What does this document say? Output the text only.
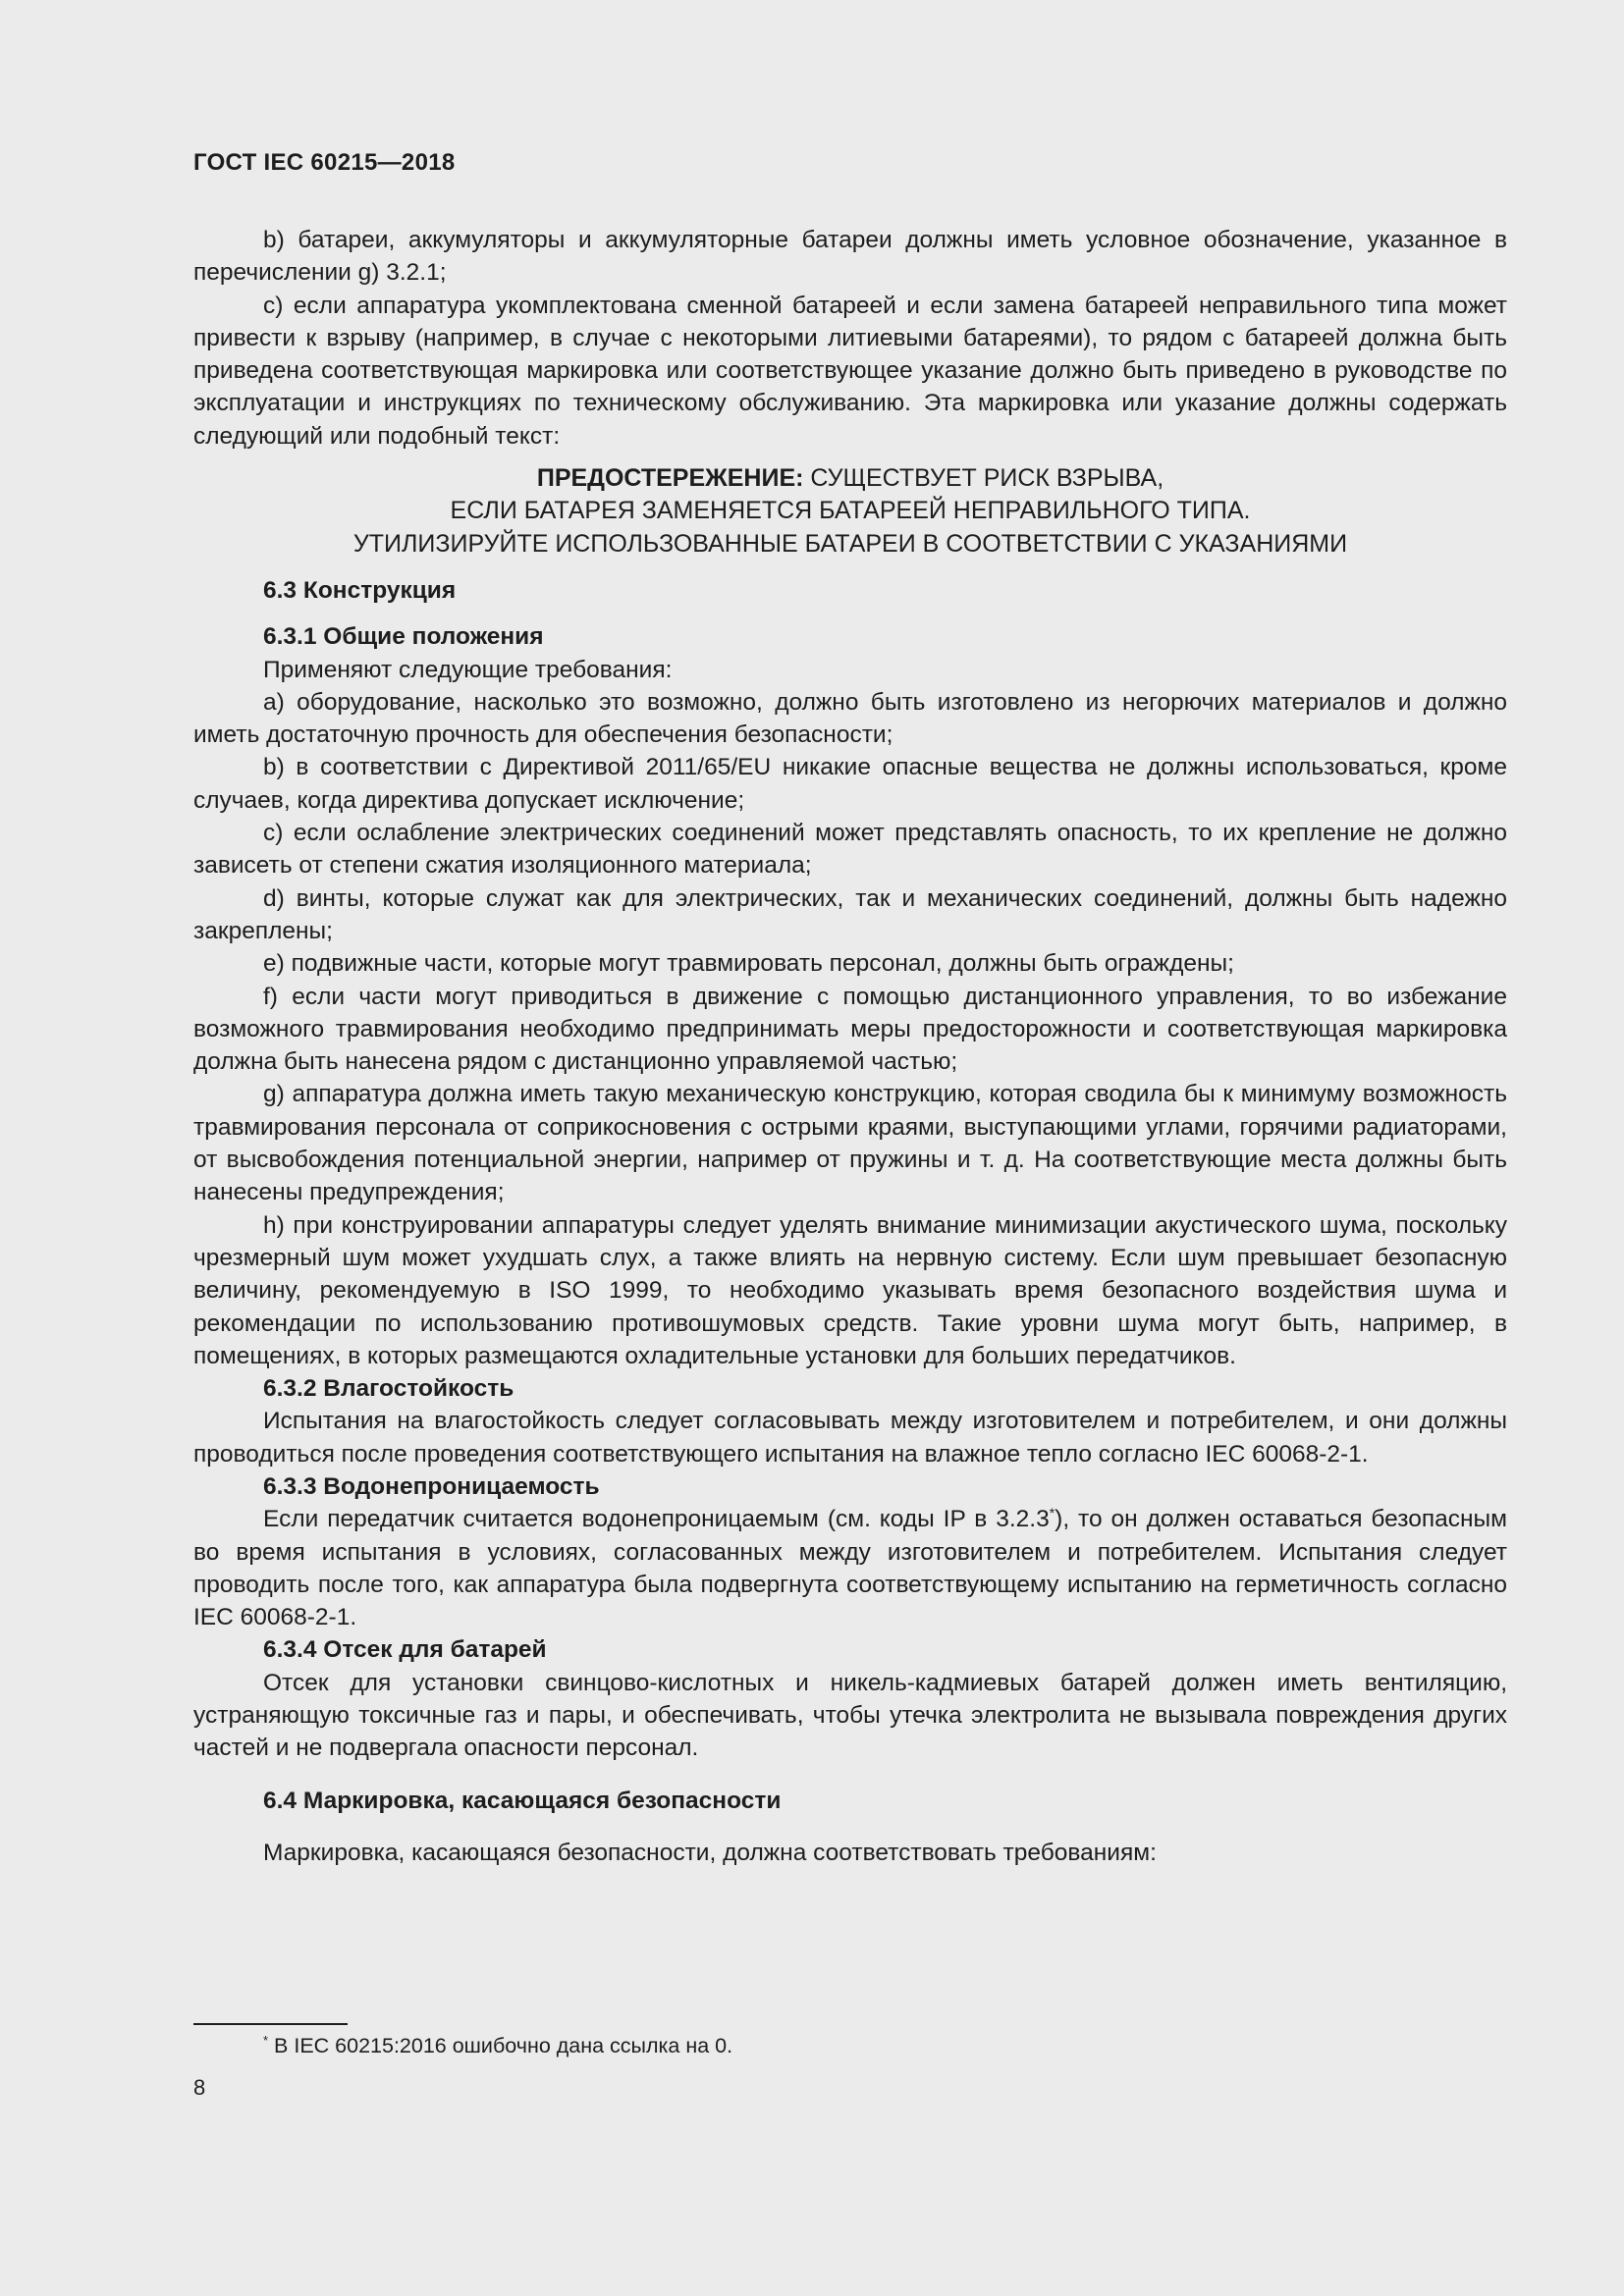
ГОСТ IEC 60215—2018

b) батареи, аккумуляторы и аккумуляторные батареи должны иметь условное обозначение, указанное в перечислении g) 3.2.1;

c) если аппаратура укомплектована сменной батареей и если замена батареей неправильного типа может привести к взрыву (например, в случае с некоторыми литиевыми батареями), то рядом с батареей должна быть приведена соответствующая маркировка или соответствующее указание должно быть приведено в руководстве по эксплуатации и инструкциях по техническому обслуживанию. Эта маркировка или указание должны содержать следующий или подобный текст:

ПРЕДОСТЕРЕЖЕНИЕ: СУЩЕСТВУЕТ РИСК ВЗРЫВА,
ЕСЛИ БАТАРЕЯ ЗАМЕНЯЕТСЯ БАТАРЕЕЙ НЕПРАВИЛЬНОГО ТИПА.
УТИЛИЗИРУЙТЕ ИСПОЛЬЗОВАННЫЕ БАТАРЕИ В СООТВЕТСТВИИ С УКАЗАНИЯМИ

6.3 Конструкция

6.3.1 Общие положения

Применяют следующие требования:

a) оборудование, насколько это возможно, должно быть изготовлено из негорючих материалов и должно иметь достаточную прочность для обеспечения безопасности;

b) в соответствии с Директивой 2011/65/EU никакие опасные вещества не должны использоваться, кроме случаев, когда директива допускает исключение;

c) если ослабление электрических соединений может представлять опасность, то их крепление не должно зависеть от степени сжатия изоляционного материала;

d) винты, которые служат как для электрических, так и механических соединений, должны быть надежно закреплены;

e) подвижные части, которые могут травмировать персонал, должны быть ограждены;

f) если части могут приводиться в движение с помощью дистанционного управления, то во избежание возможного травмирования необходимо предпринимать меры предосторожности и соответствующая маркировка должна быть нанесена рядом с дистанционно управляемой частью;

g) аппаратура должна иметь такую механическую конструкцию, которая сводила бы к минимуму возможность травмирования персонала от соприкосновения с острыми краями, выступающими углами, горячими радиаторами, от высвобождения потенциальной энергии, например от пружины и т. д. На соответствующие места должны быть нанесены предупреждения;

h) при конструировании аппаратуры следует уделять внимание минимизации акустического шума, поскольку чрезмерный шум может ухудшать слух, а также влиять на нервную систему. Если шум превышает безопасную величину, рекомендуемую в ISO 1999, то необходимо указывать время безопасного воздействия шума и рекомендации по использованию противошумовых средств. Такие уровни шума могут быть, например, в помещениях, в которых размещаются охладительные установки для больших передатчиков.

6.3.2 Влагостойкость

Испытания на влагостойкость следует согласовывать между изготовителем и потребителем, и они должны проводиться после проведения соответствующего испытания на влажное тепло согласно IEC 60068-2-1.

6.3.3 Водонепроницаемость

Если передатчик считается водонепроницаемым (см. коды IP в 3.2.3*), то он должен оставаться безопасным во время испытания в условиях, согласованных между изготовителем и потребителем. Испытания следует проводить после того, как аппаратура была подвергнута соответствующему испытанию на герметичность согласно IEC 60068-2-1.

6.3.4 Отсек для батарей

Отсек для установки свинцово-кислотных и никель-кадмиевых батарей должен иметь вентиляцию, устраняющую токсичные газ и пары, и обеспечивать, чтобы утечка электролита не вызывала повреждения других частей и не подвергала опасности персонал.

6.4 Маркировка, касающаяся безопасности

Маркировка, касающаяся безопасности, должна соответствовать требованиям:

* В IEC 60215:2016 ошибочно дана ссылка на 0.
8
